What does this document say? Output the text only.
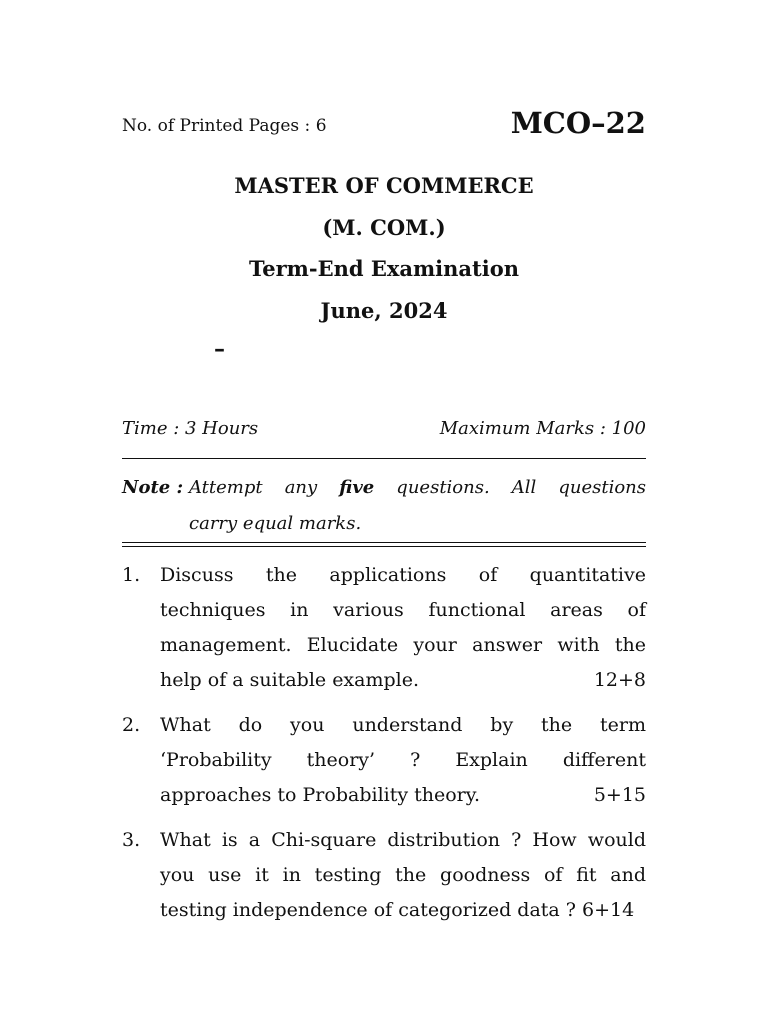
No. of Printed Pages : 6	MCO–22
MASTER OF COMMERCE
(M. COM.)
Term-End Examination
June, 2024
–
Time : 3 Hours	Maximum Marks : 100
Note : Attempt any five questions. All questions
carry equal marks.
1. Discuss the applications of quantitative
techniques in various functional areas of
management. Elucidate your answer with the
help of a suitable example.	12+8
2. What do you understand by the term
‘Probability theory’ ? Explain different
approaches to Probability theory.	5+15
3. What is a Chi-square distribution ? How would
you use it in testing the goodness of fit and
testing independence of categorized data ? 6+14
